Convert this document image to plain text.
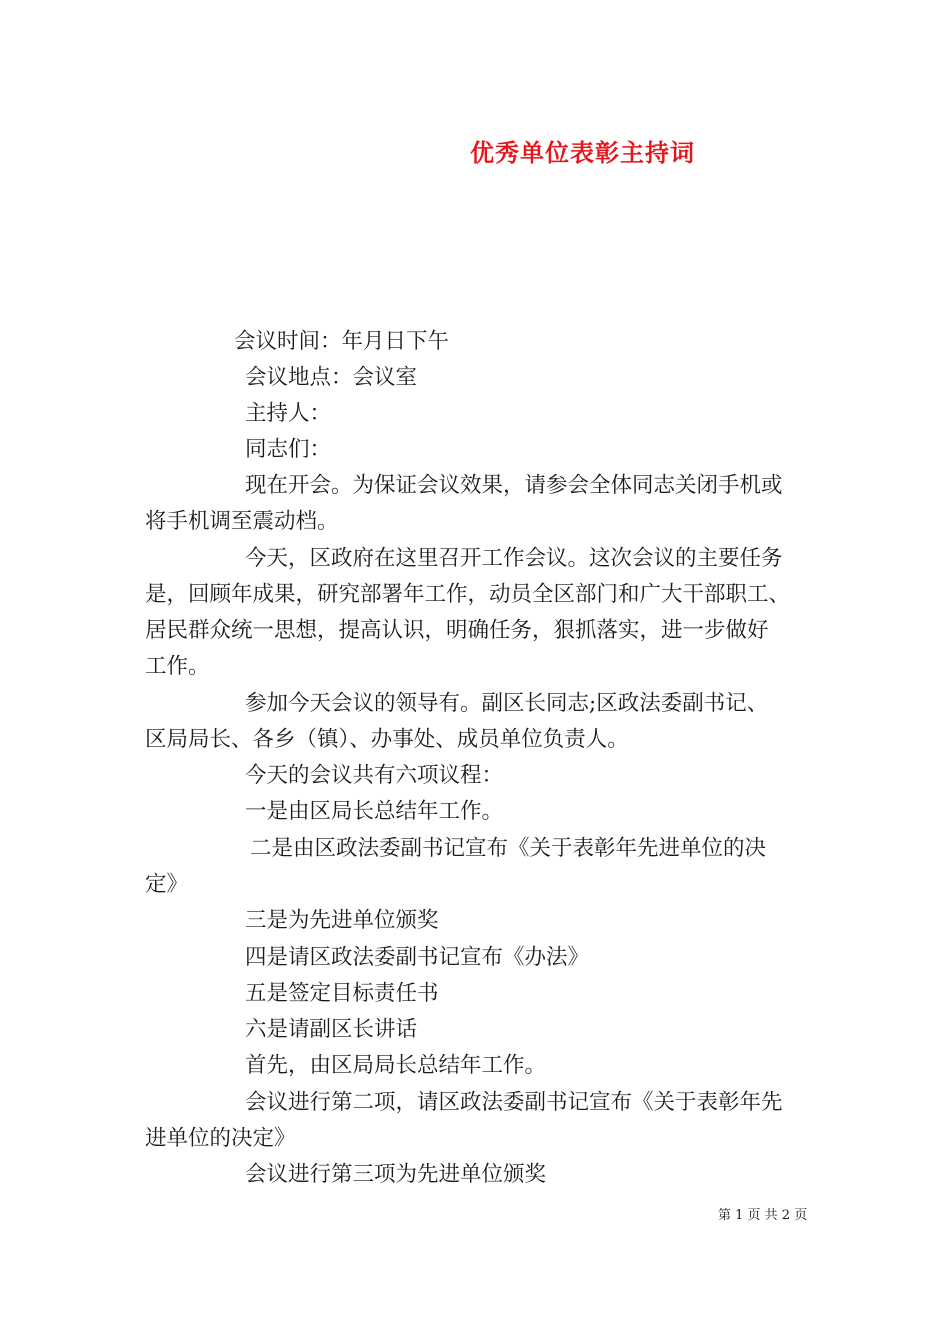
优秀单位表彰主持词
会议时间：年月日下午
会议地点：会议室
主持人：
同志们：
现在开会。为保证会议效果，请参会全体同志关闭手机或
将手机调至震动档。
今天，区政府在这里召开工作会议。这次会议的主要任务
是，回顾年成果，研究部署年工作，动员全区部门和广大干部职工、
居民群众统一思想，提高认识，明确任务，狠抓落实，进一步做好
工作。
参加今天会议的领导有。副区长同志;区政法委副书记、
区局局长、各乡（镇）、办事处、成员单位负责人。
今天的会议共有六项议程：
一是由区局长总结年工作。
二是由区政法委副书记宣布《关于表彰年先进单位的决
定》
三是为先进单位颁奖
四是请区政法委副书记宣布《办法》
五是签定目标责任书
六是请副区长讲话
首先，由区局局长总结年工作。
会议进行第二项，请区政法委副书记宣布《关于表彰年先
进单位的决定》
会议进行第三项为先进单位颁奖
第 1 页 共 2 页
